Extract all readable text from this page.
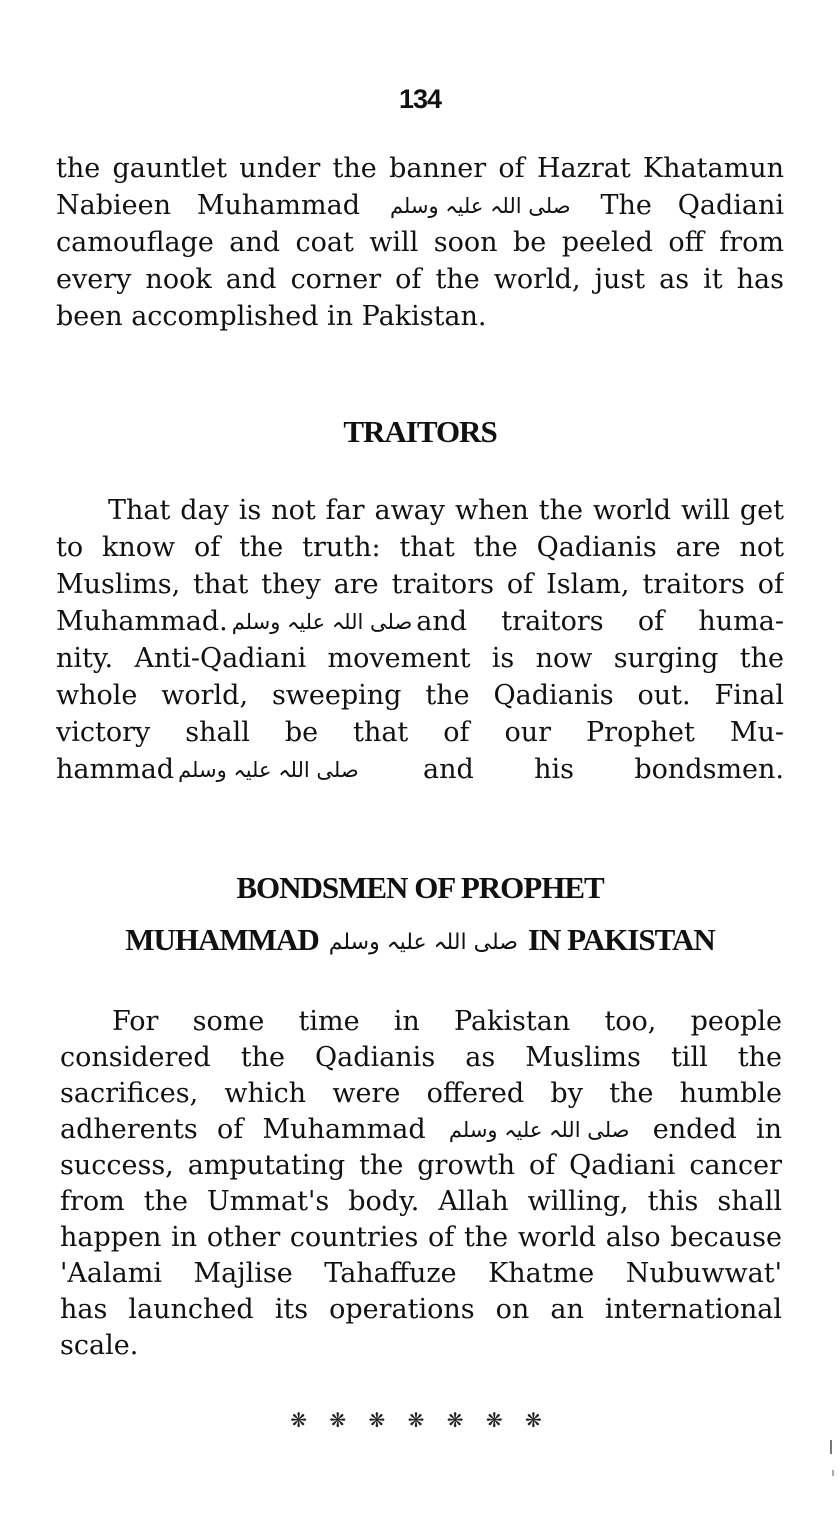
134
the gauntlet under the banner of Hazrat Khatamun
Nabieen Muhammad صلی اللہ علیہ وسلم The Qadiani
camouflage and coat will soon be peeled off from
every nook and corner of the world, just as it has
been accomplished in Pakistan.
TRAITORS
That day is not far away when the world will get
to know of the truth: that the Qadianis are not
Muslims, that they are traitors of Islam, traitors of
Muhammad. صلی اللہ علیہ وسلم and traitors of huma-
nity. Anti-Qadiani movement is now surging the
whole world, sweeping the Qadianis out. Final
victory shall be that of our Prophet Mu-
hammad صلی اللہ علیہ وسلم and his bondsmen.
BONDSMEN OF PROPHET
MUHAMMAD صلی اللہ علیہ وسلم IN PAKISTAN
For some time in Pakistan too, people
considered the Qadianis as Muslims till the
sacrifices, which were offered by the humble
adherents of Muhammad صلی اللہ علیہ وسلم ended in
success, amputating the growth of Qadiani cancer
from the Ummat's body. Allah willing, this shall
happen in other countries of the world also because
'Aalami Majlise Tahaffuze Khatme Nubuwwat'
has launched its operations on an international
scale.
❋ ❋ ❋ ❋ ❋ ❋ ❋
